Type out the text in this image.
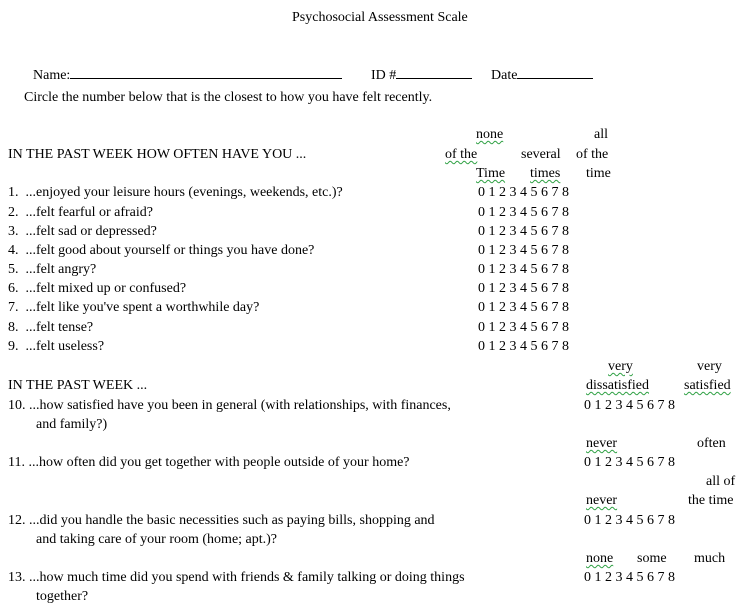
Psychosocial Assessment Scale

Name:	ID #	Date

Circle the number below that is the closest to how you have felt recently.
none	all
of the	several of the
Time times time
IN THE PAST WEEK HOW OFTEN HAVE YOU ...
1. ...enjoyed your leisure hours (evenings, weekends, etc.)?	0 1 2 3 4 5 6 7 8
2. ...felt fearful or afraid?	0 1 2 3 4 5 6 7 8
3. ...felt sad or depressed?	0 1 2 3 4 5 6 7 8
4. ...felt good about yourself or things you have done?	0 1 2 3 4 5 6 7 8
5. ...felt angry?	0 1 2 3 4 5 6 7 8
6. ...felt mixed up or confused?	0 1 2 3 4 5 6 7 8
7. ...felt like you've spent a worthwhile day?	0 1 2 3 4 5 6 7 8
8. ...felt tense?	0 1 2 3 4 5 6 7 8
9. ...felt useless?	0 1 2 3 4 5 6 7 8
very	very
IN THE PAST WEEK ...	dissatisfied	satisfied
10. ...how satisfied have you been in general (with relationships, with finances,
and family?)
0 1 2 3 4 5 6 7 8
never	often
11. ...how often did you get together with people outside of your home?	0 1 2 3 4 5 6 7 8
all of
never	the time
12. ...did you handle the basic necessities such as paying bills, shopping and
and taking care of your room (home; apt.)?
0 1 2 3 4 5 6 7 8
none some much
13. ...how much time did you spend with friends & family talking or doing things
together?
0 1 2 3 4 5 6 7 8
